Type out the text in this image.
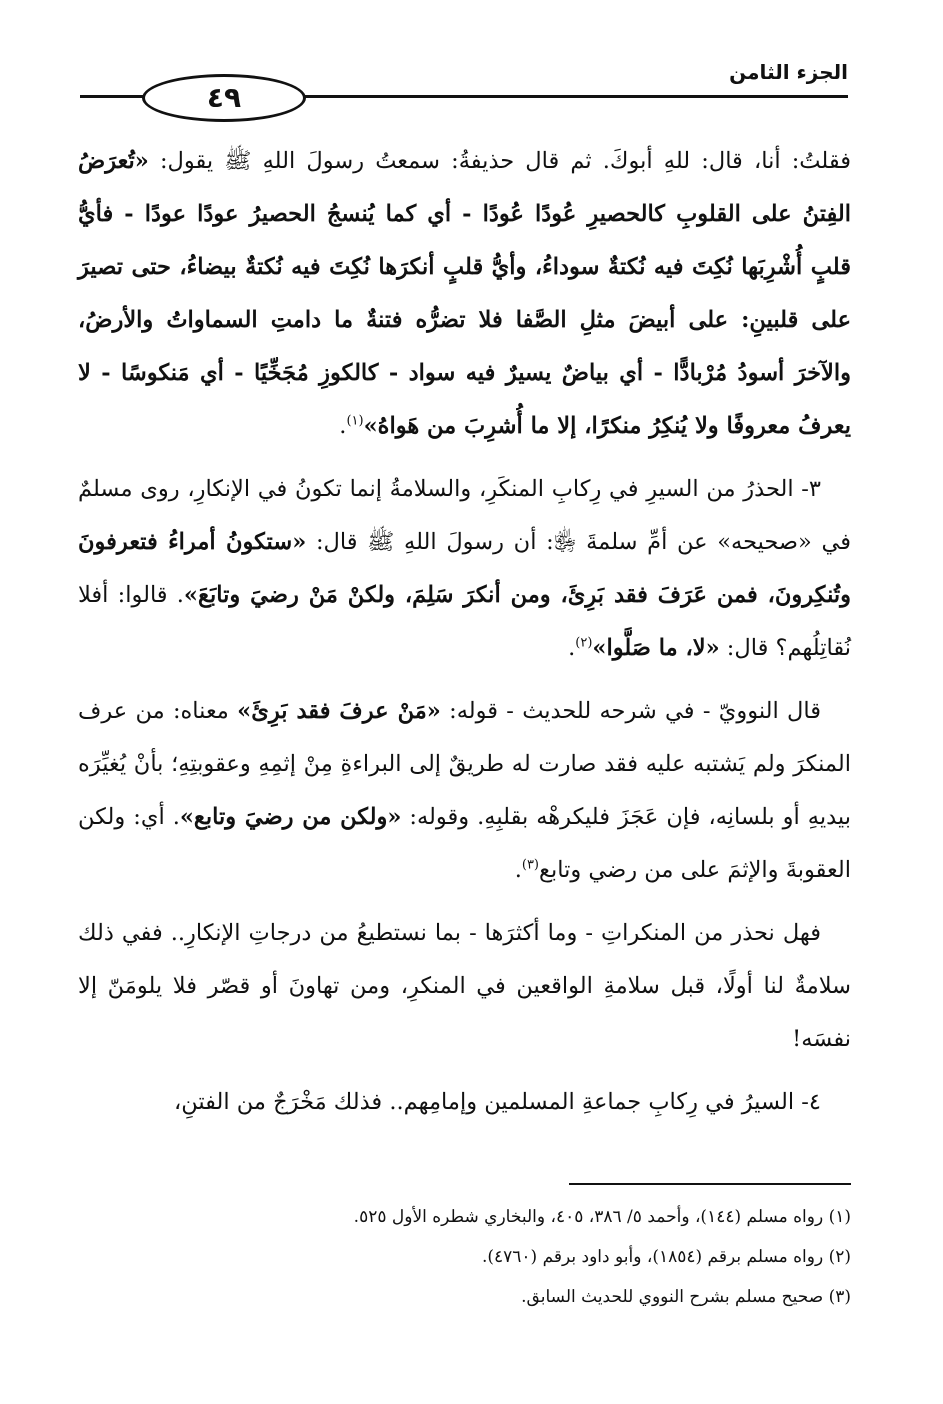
الجزء الثامن
٤٩

فقلتُ: أنا، قال: للهِ أبوكَ. ثم قال حذيفةُ: سمعتُ رسولَ اللهِ ﷺ يقول: «تُعرَضُ الفِتنُ على القلوبِ كالحصيرِ عُودًا عُودًا - أي كما يُنسجُ الحصيرُ عودًا عودًا - فأيُّ قلبٍ أُشْرِبَها نُكِتَ فيه نُكتةٌ سوداءُ، وأيُّ قلبٍ أنكرَها نُكِتَ فيه نُكتةٌ بيضاءُ، حتى تصيرَ على قلبينِ: على أبيضَ مثلِ الصَّفا فلا تضرُّه فتنةٌ ما دامتِ السماواتُ والأرضُ، والآخرَ أسودُ مُرْبادًّا - أي بياضٌ يسيرٌ فيه سواد - كالكوزِ مُجَخِّيًا - أي مَنكوسًا - لا يعرفُ معروفًا ولا يُنكِرُ منكرًا، إلا ما أُشرِبَ من هَواهُ»$^{(١)}$.

٣- الحذرُ من السيرِ في رِكابِ المنكَرِ، والسلامةُ إنما تكونُ في الإنكارِ، روى مسلمٌ في «صحيحه» عن أمِّ سلمةَ ﵂: أن رسولَ اللهِ ﷺ قال: «ستكونُ أمراءُ فتعرفونَ وتُنكِرونَ، فمن عَرَفَ فقد بَرِئَ، ومن أنكرَ سَلِمَ، ولكنْ مَنْ رضيَ وتابَعَ». قالوا: أفلا نُقاتِلُهم؟ قال: «لا، ما صَلَّوا»$^{(٢)}$.

قال النوويّ - في شرحه للحديث - قوله: «مَنْ عرفَ فقد بَرِئَ» معناه: من عرف المنكرَ ولم يَشتبه عليه فقد صارت له طريقٌ إلى البراءةِ مِنْ إثمِهِ وعقوبتِهِ؛ بأنْ يُغيِّرَه بيديهِ أو بلسانِه، فإن عَجَزَ فليكرهْه بقلبِهِ. وقوله: «ولكن من رضيَ وتابع». أي: ولكن العقوبةَ والإثمَ على من رضي وتابع$^{(٣)}$.

فهل نحذر من المنكراتِ - وما أكثرَها - بما نستطيعُ من درجاتِ الإنكارِ.. ففي ذلك سلامةٌ لنا أولًا، قبل سلامةِ الواقعين في المنكرِ، ومن تهاونَ أو قصّر فلا يلومَنّ إلا نفسَه!

٤- السيرُ في رِكابِ جماعةِ المسلمين وإمامِهم.. فذلك مَخْرَجٌ من الفتنِ،

(١) رواه مسلم (١٤٤)، وأحمد ٥/ ٣٨٦، ٤٠٥، والبخاري شطره الأول ٥٢٥.

(٢) رواه مسلم برقم (١٨٥٤)، وأبو داود برقم (٤٧٦٠).

(٣) صحيح مسلم بشرح النووي للحديث السابق.
